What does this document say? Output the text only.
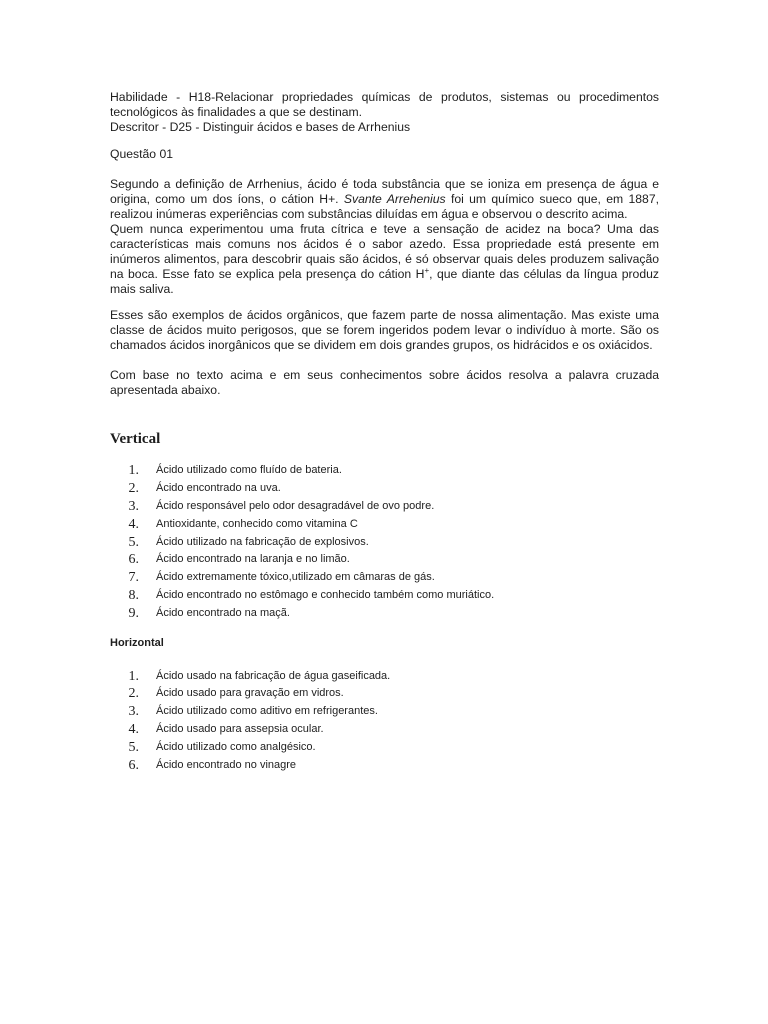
Habilidade - H18-Relacionar propriedades químicas de produtos, sistemas ou procedimentos tecnológicos às finalidades a que se destinam.

Descritor - D25 - Distinguir ácidos e bases de Arrhenius

Questão 01

Segundo a definição de Arrhenius, ácido é toda substância que se ioniza em presença de água e origina, como um dos íons, o cátion H+. Svante Arrehenius foi um químico sueco que, em 1887, realizou inúmeras experiências com substâncias diluídas em água e observou o descrito acima.

Quem nunca experimentou uma fruta cítrica e teve a sensação de acidez na boca? Uma das características mais comuns nos ácidos é o sabor azedo. Essa propriedade está presente em inúmeros alimentos, para descobrir quais são ácidos, é só observar quais deles produzem salivação na boca. Esse fato se explica pela presença do cátion H+, que diante das células da língua produz mais saliva.

Esses são exemplos de ácidos orgânicos, que fazem parte de nossa alimentação. Mas existe uma classe de ácidos muito perigosos, que se forem ingeridos podem levar o indivíduo à morte. São os chamados ácidos inorgânicos que se dividem em dois grandes grupos, os hidrácidos e os oxiácidos.

Com base no texto acima e em seus conhecimentos sobre ácidos resolva a palavra cruzada apresentada abaixo.

Vertical
1. Ácido utilizado como fluído de bateria.
2. Ácido encontrado na uva.
3. Ácido responsável pelo odor desagradável de ovo podre.
4. Antioxidante, conhecido como vitamina C
5. Ácido utilizado na fabricação de explosivos.
6. Ácido encontrado na laranja e no limão.
7. Ácido extremamente tóxico,utilizado em câmaras de gás.
8. Ácido encontrado no estômago e conhecido também como muriático.
9. Ácido encontrado na maçã.
Horizontal
1. Ácido usado na fabricação de água gaseificada.
2. Ácido usado para gravação em vidros.
3. Ácido utilizado como aditivo em refrigerantes.
4. Ácido usado para assepsia ocular.
5. Ácido utilizado como analgésico.
6. Ácido encontrado no vinagre
